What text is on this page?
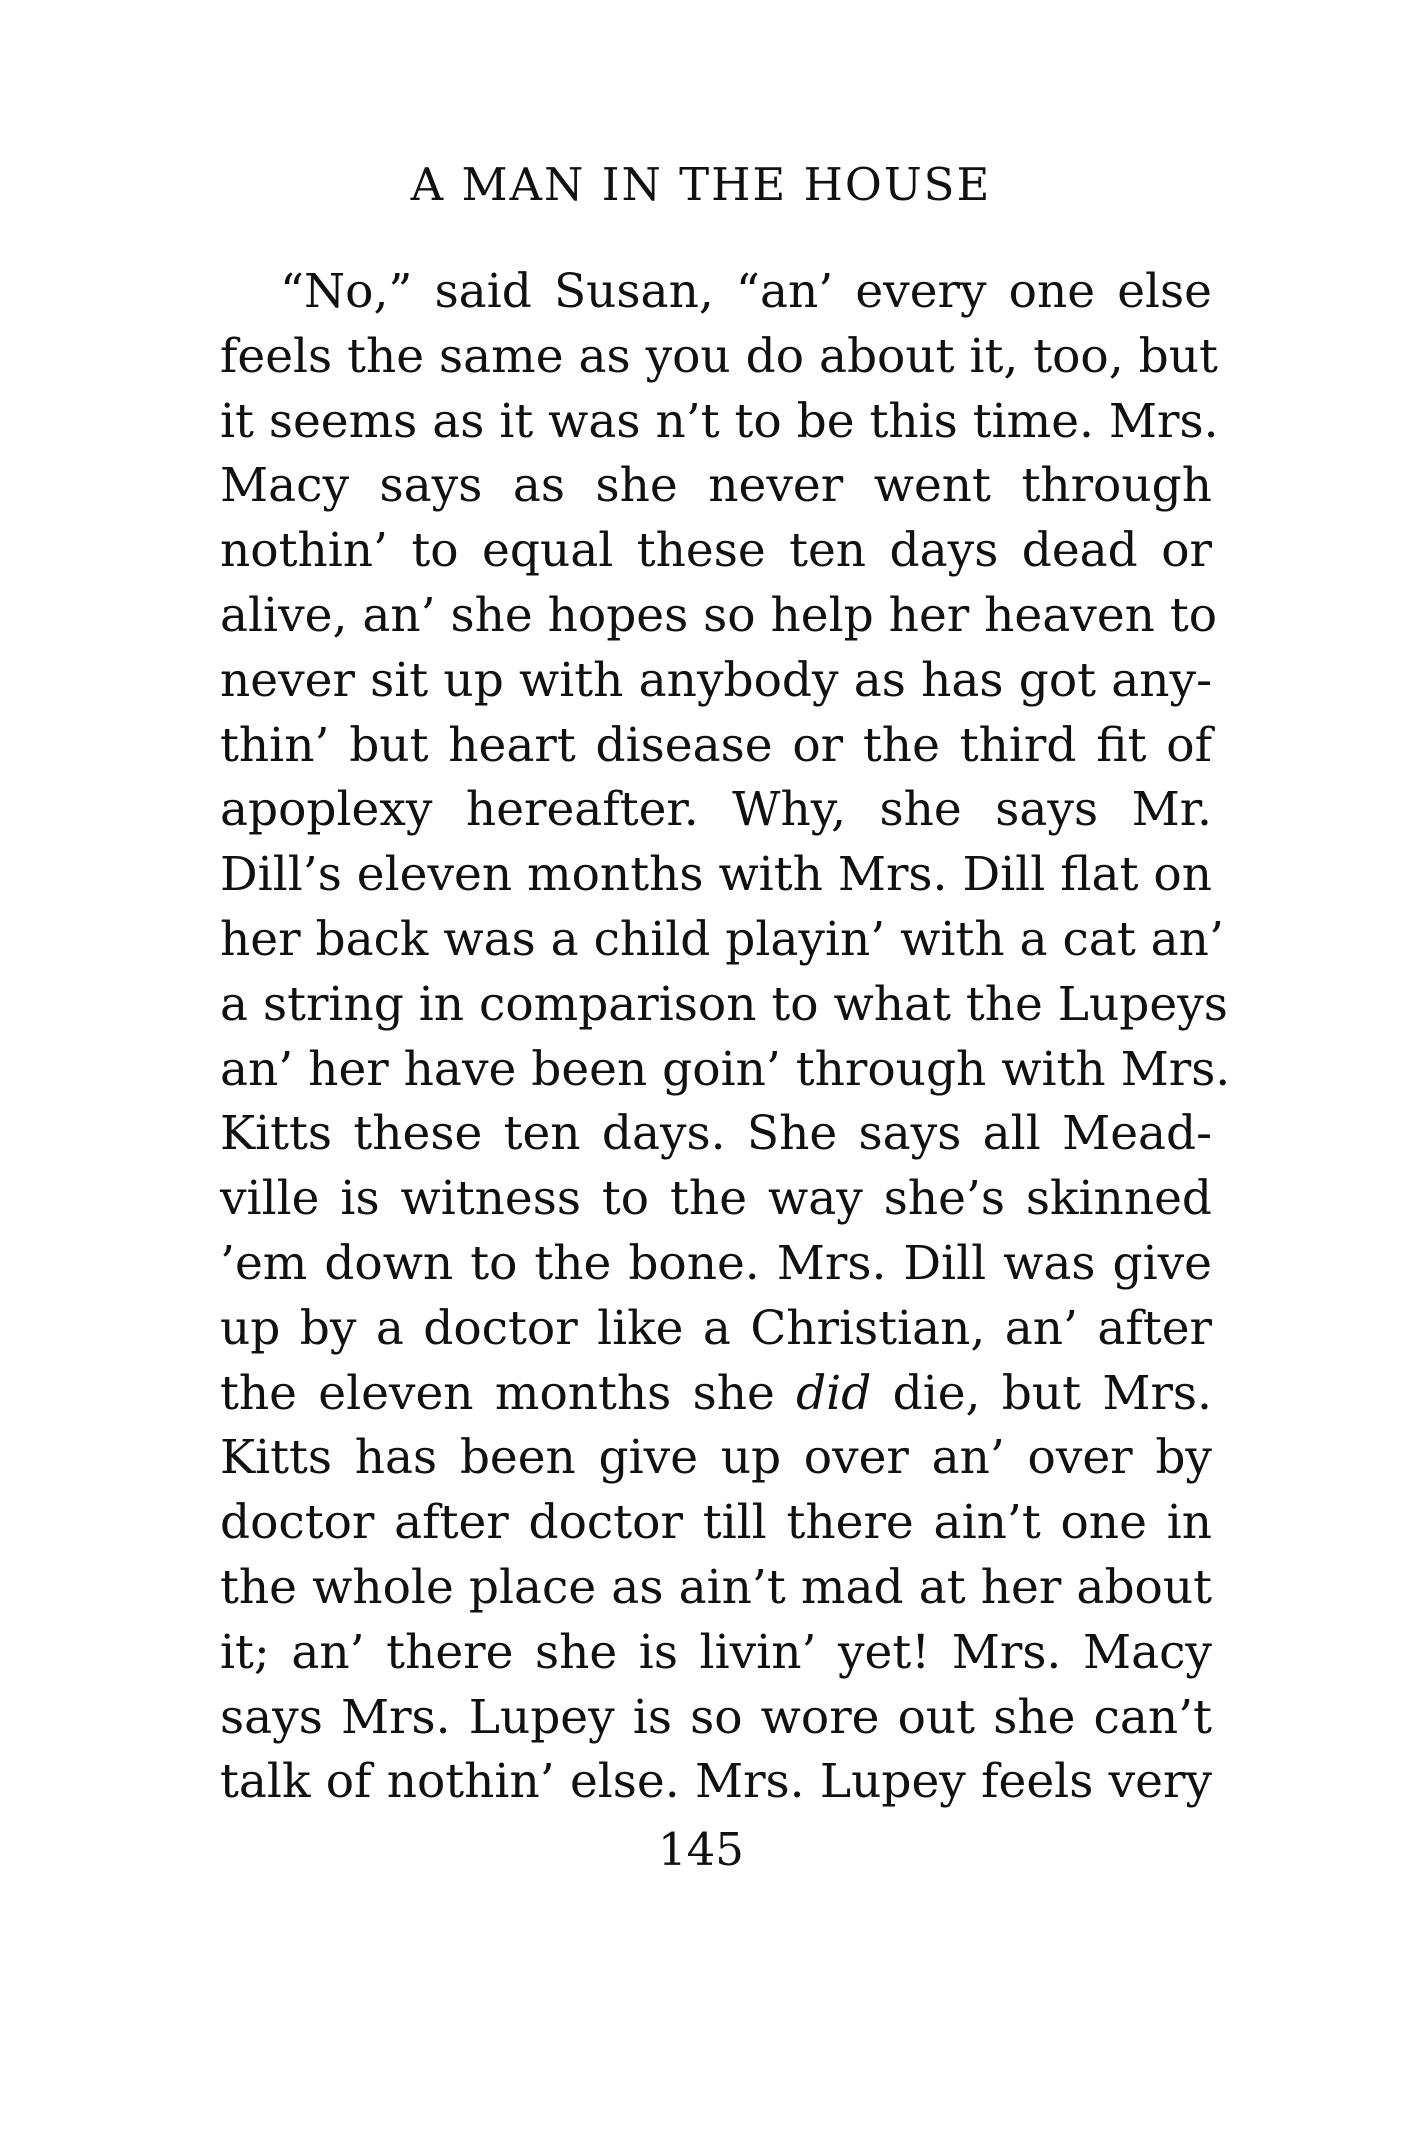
A MAN IN THE HOUSE
“No,” said Susan, “an’ every one else
feels the same as you do about it, too, but
it seems as it was n’t to be this time. Mrs.
Macy says as she never went through
nothin’ to equal these ten days dead or
alive, an’ she hopes so help her heaven to
never sit up with anybody as has got any-
thin’ but heart disease or the third fit of
apoplexy hereafter. Why, she says Mr.
Dill’s eleven months with Mrs. Dill flat on
her back was a child playin’ with a cat an’
a string in comparison to what the Lupeys
an’ her have been goin’ through with Mrs.
Kitts these ten days. She says all Mead-
ville is witness to the way she’s skinned
’em down to the bone. Mrs. Dill was give
up by a doctor like a Christian, an’ after
the eleven months she did die, but Mrs.
Kitts has been give up over an’ over by
doctor after doctor till there ain’t one in
the whole place as ain’t mad at her about
it; an’ there she is livin’ yet! Mrs. Macy
says Mrs. Lupey is so wore out she can’t
talk of nothin’ else. Mrs. Lupey feels very
145
